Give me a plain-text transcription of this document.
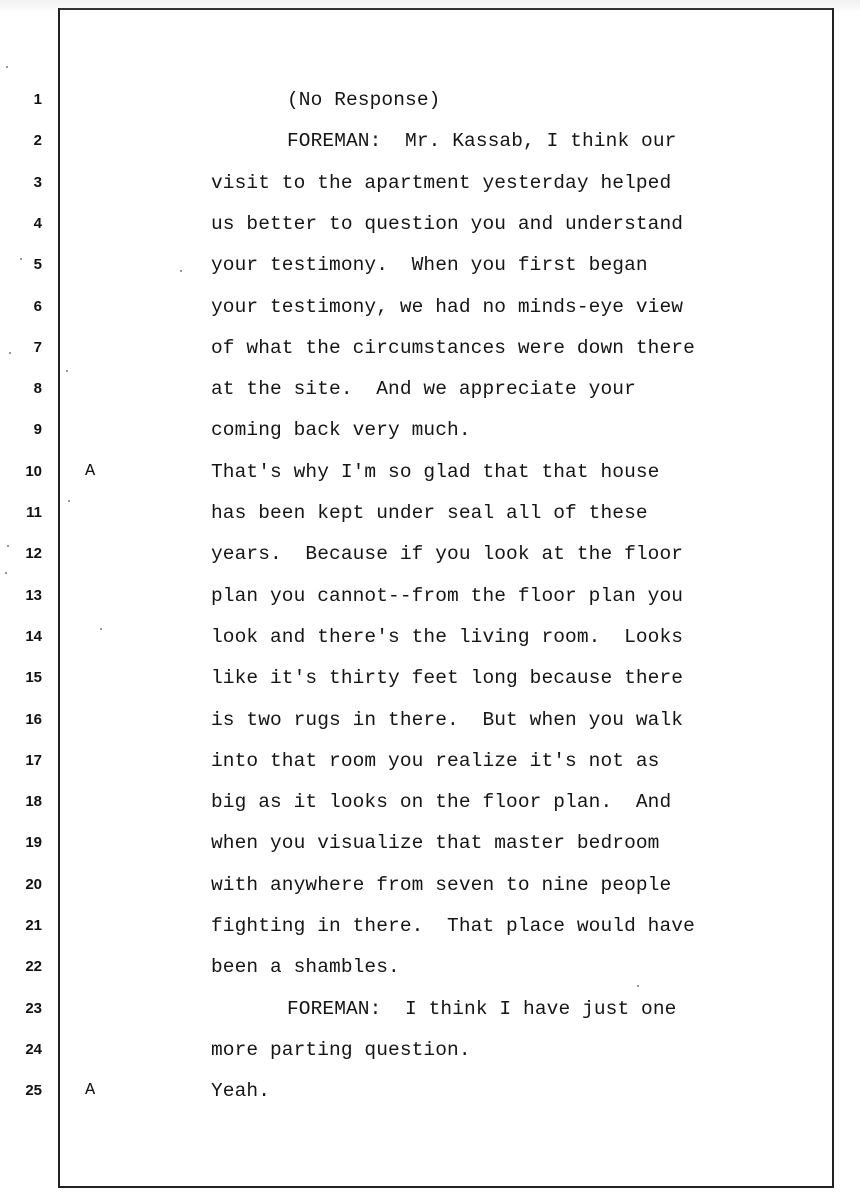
1	(No Response)
2	FOREMAN:  Mr. Kassab, I think our
3	visit to the apartment yesterday helped
4	us better to question you and understand
5	your testimony.  When you first began
6	your testimony, we had no minds-eye view
7	of what the circumstances were down there
8	at the site.  And we appreciate your
9	coming back very much.
10	A	That's why I'm so glad that that house
11	has been kept under seal all of these
12	years.  Because if you look at the floor
13	plan you cannot--from the floor plan you
14	look and there's the living room.  Looks
15	like it's thirty feet long because there
16	is two rugs in there.  But when you walk
17	into that room you realize it's not as
18	big as it looks on the floor plan.  And
19	when you visualize that master bedroom
20	with anywhere from seven to nine people
21	fighting in there.  That place would have
22	been a shambles.
23	FOREMAN:  I think I have just one
24	more parting question.
25	A	Yeah.
